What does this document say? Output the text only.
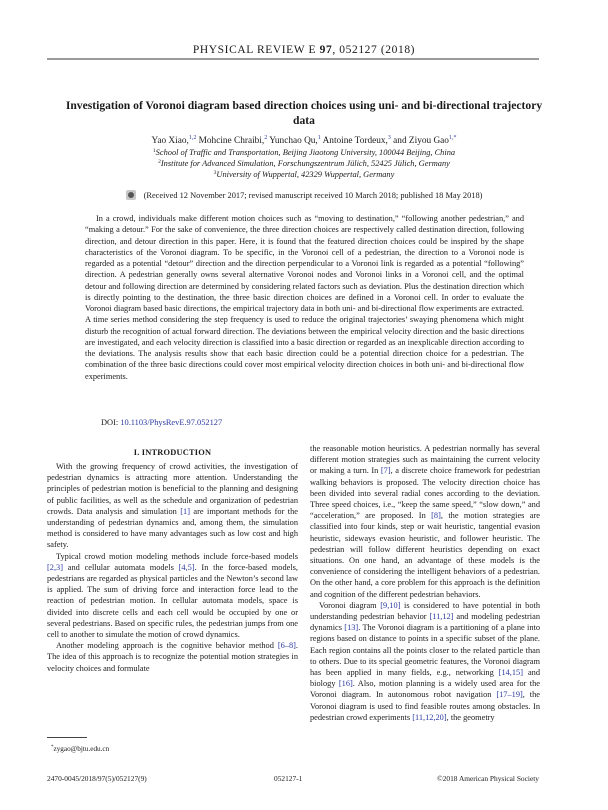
PHYSICAL REVIEW E 97, 052127 (2018)
Investigation of Voronoi diagram based direction choices using uni- and bi-directional trajectory data
Yao Xiao,$^{1,2}$ Mohcine Chraibi,$^2$ Yunchao Qu,$^1$ Antoine Tordeux,$^3$ and Ziyou Gao$^{1,*}$
$^1$School of Traffic and Transportation, Beijing Jiaotong University, 100044 Beijing, China
$^2$Institute for Advanced Simulation, Forschungszentrum Jülich, 52425 Jülich, Germany
$^3$University of Wuppertal, 42329 Wuppertal, Germany
(Received 12 November 2017; revised manuscript received 10 March 2018; published 18 May 2018)

In a crowd, individuals make different motion choices such as “moving to destination,” “following another pedestrian,” and “making a detour.” For the sake of convenience, the three direction choices are respectively called destination direction, following direction, and detour direction in this paper. Here, it is found that the featured direction choices could be inspired by the shape characteristics of the Voronoi diagram. To be specific, in the Voronoi cell of a pedestrian, the direction to a Voronoi node is regarded as a potential “detour” direction and the direction perpendicular to a Voronoi link is regarded as a potential “following” direction. A pedestrian generally owns several alternative Voronoi nodes and Voronoi links in a Voronoi cell, and the optimal detour and following direction are determined by considering related factors such as deviation. Plus the destination direction which is directly pointing to the destination, the three basic direction choices are defined in a Voronoi cell. In order to evaluate the Voronoi diagram based basic directions, the empirical trajectory data in both uni- and bi-directional flow experiments are extracted. A time series method considering the step frequency is used to reduce the original trajectories’ swaying phenomena which might disturb the recognition of actual forward direction. The deviations between the empirical velocity direction and the basic directions are investigated, and each velocity direction is classified into a basic direction or regarded as an inexplicable direction according to the deviations. The analysis results show that each basic direction could be a potential direction choice for a pedestrian. The combination of the three basic directions could cover most empirical velocity direction choices in both uni- and bi-directional flow experiments.

DOI: 10.1103/PhysRevE.97.052127
I. INTRODUCTION

With the growing frequency of crowd activities, the investigation of pedestrian dynamics is attracting more attention. Understanding the principles of pedestrian motion is beneficial to the planning and designing of public facilities, as well as the schedule and organization of pedestrian crowds. Data analysis and simulation [1] are important methods for the understanding of pedestrian dynamics and, among them, the simulation method is considered to have many advantages such as low cost and high safety.

Typical crowd motion modeling methods include force-based models [2,3] and cellular automata models [4,5]. In the force-based models, pedestrians are regarded as physical particles and the Newton’s second law is applied. The sum of driving force and interaction force lead to the reaction of pedestrian motion. In cellular automata models, space is divided into discrete cells and each cell would be occupied by one or several pedestrians. Based on specific rules, the pedestrian jumps from one cell to another to simulate the motion of crowd dynamics.

Another modeling approach is the cognitive behavior method [6–8]. The idea of this approach is to recognize the potential motion strategies in velocity choices and formulate

the reasonable motion heuristics. A pedestrian normally has several different motion strategies such as maintaining the current velocity or making a turn. In [7], a discrete choice framework for pedestrian walking behaviors is proposed. The velocity direction choice has been divided into several radial cones according to the deviation. Three speed choices, i.e., “keep the same speed,” “slow down,” and “acceleration,” are proposed. In [8], the motion strategies are classified into four kinds, step or wait heuristic, tangential evasion heuristic, sideways evasion heuristic, and follower heuristic. The pedestrian will follow different heuristics depending on exact situations. On one hand, an advantage of these models is the convenience of considering the intelligent behaviors of a pedestrian. On the other hand, a core problem for this approach is the definition and cognition of the different pedestrian behaviors.

Voronoi diagram [9,10] is considered to have potential in both understanding pedestrian behavior [11,12] and modeling pedestrian dynamics [13]. The Voronoi diagram is a partitioning of a plane into regions based on distance to points in a specific subset of the plane. Each region contains all the points closer to the related particle than to others. Due to its special geometric features, the Voronoi diagram has been applied in many fields, e.g., networking [14,15] and biology [16]. Also, motion planning is a widely used area for the Voronoi diagram. In autonomous robot navigation [17–19], the Voronoi diagram is used to find feasible routes among obstacles. In pedestrian crowd experiments [11,12,20], the geometry

*zygao@bjtu.edu.cn
2470-0045/2018/97(5)/052127(9)	052127-1	©2018 American Physical Society
